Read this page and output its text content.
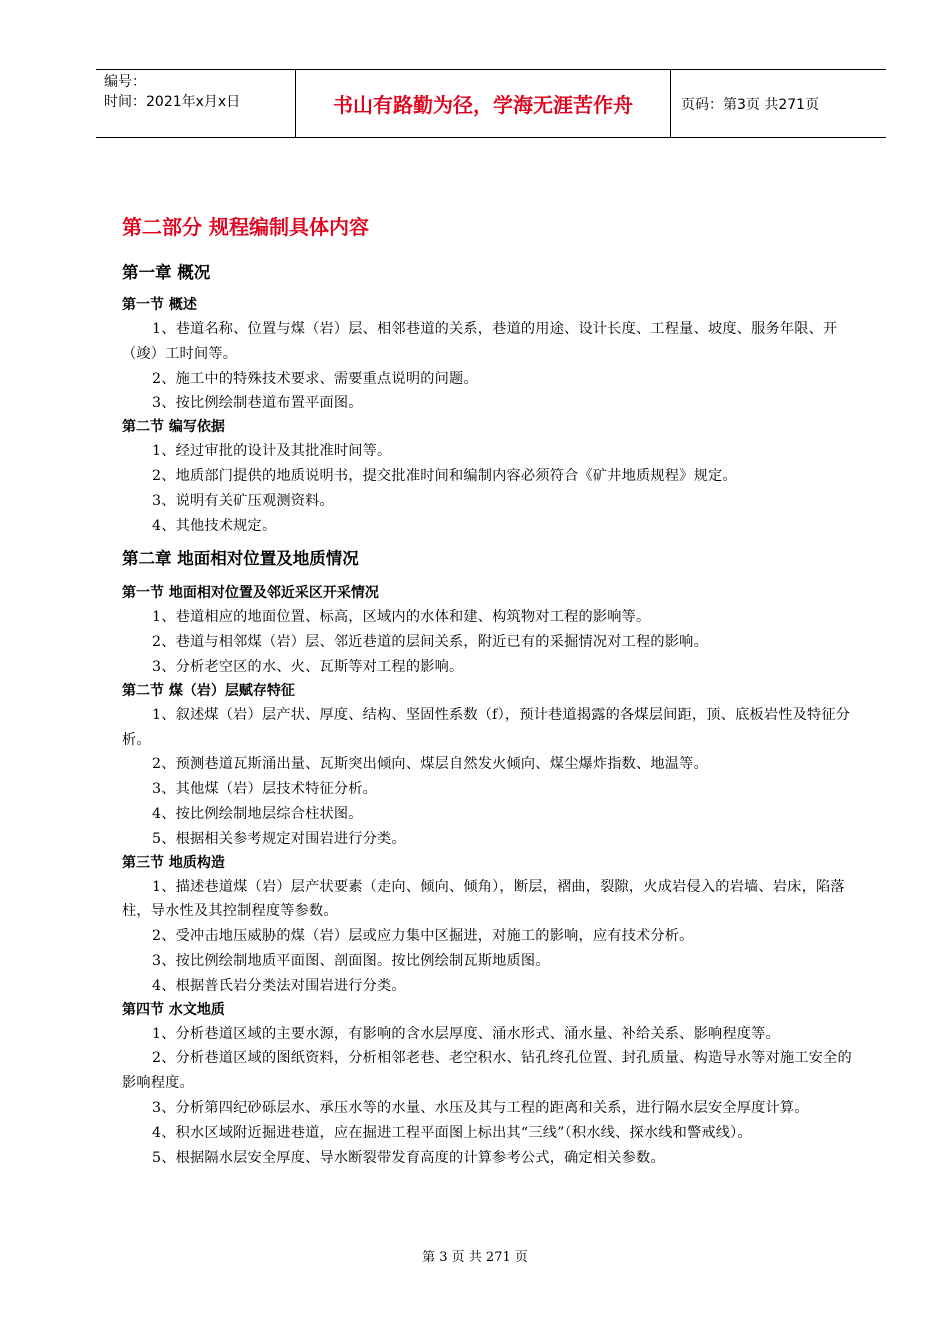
编号：
时间：2021年x月x日	书山有路勤为径，学海无涯苦作舟	页码：第3页 共271页
第二部分 规程编制具体内容
第一章 概况
第一节 概述

1、巷道名称、位置与煤（岩）层、相邻巷道的关系，巷道的用途、设计长度、工程量、坡度、服务年限、开（竣）工时间等。

2、施工中的特殊技术要求、需要重点说明的问题。

3、按比例绘制巷道布置平面图。

第二节 编写依据

1、经过审批的设计及其批准时间等。

2、地质部门提供的地质说明书，提交批准时间和编制内容必须符合《矿井地质规程》规定。

3、说明有关矿压观测资料。

4、其他技术规定。

第二章 地面相对位置及地质情况
第一节 地面相对位置及邻近采区开采情况

1、巷道相应的地面位置、标高，区域内的水体和建、构筑物对工程的影响等。

2、巷道与相邻煤（岩）层、邻近巷道的层间关系，附近已有的采掘情况对工程的影响。

3、分析老空区的水、火、瓦斯等对工程的影响。

第二节 煤（岩）层赋存特征

1、叙述煤（岩）层产状、厚度、结构、坚固性系数（f），预计巷道揭露的各煤层间距，顶、底板岩性及特征分析。

2、预测巷道瓦斯涌出量、瓦斯突出倾向、煤层自然发火倾向、煤尘爆炸指数、地温等。

3、其他煤（岩）层技术特征分析。

4、按比例绘制地层综合柱状图。

5、根据相关参考规定对围岩进行分类。

第三节 地质构造

1、描述巷道煤（岩）层产状要素（走向、倾向、倾角），断层，褶曲，裂隙，火成岩侵入的岩墙、岩床，陷落柱，导水性及其控制程度等参数。

2、受冲击地压威胁的煤（岩）层或应力集中区掘进，对施工的影响，应有技术分析。

3、按比例绘制地质平面图、剖面图。按比例绘制瓦斯地质图。

4、根据普氏岩分类法对围岩进行分类。

第四节 水文地质

1、分析巷道区域的主要水源，有影响的含水层厚度、涌水形式、涌水量、补给关系、影响程度等。

2、分析巷道区域的图纸资料，分析相邻老巷、老空积水、钻孔终孔位置、封孔质量、构造导水等对施工安全的影响程度。

3、分析第四纪砂砾层水、承压水等的水量、水压及其与工程的距离和关系，进行隔水层安全厚度计算。

4、积水区域附近掘进巷道，应在掘进工程平面图上标出其“三线”（积水线、探水线和警戒线）。

5、根据隔水层安全厚度、导水断裂带发育高度的计算参考公式，确定相关参数。

第 3 页 共 271 页
